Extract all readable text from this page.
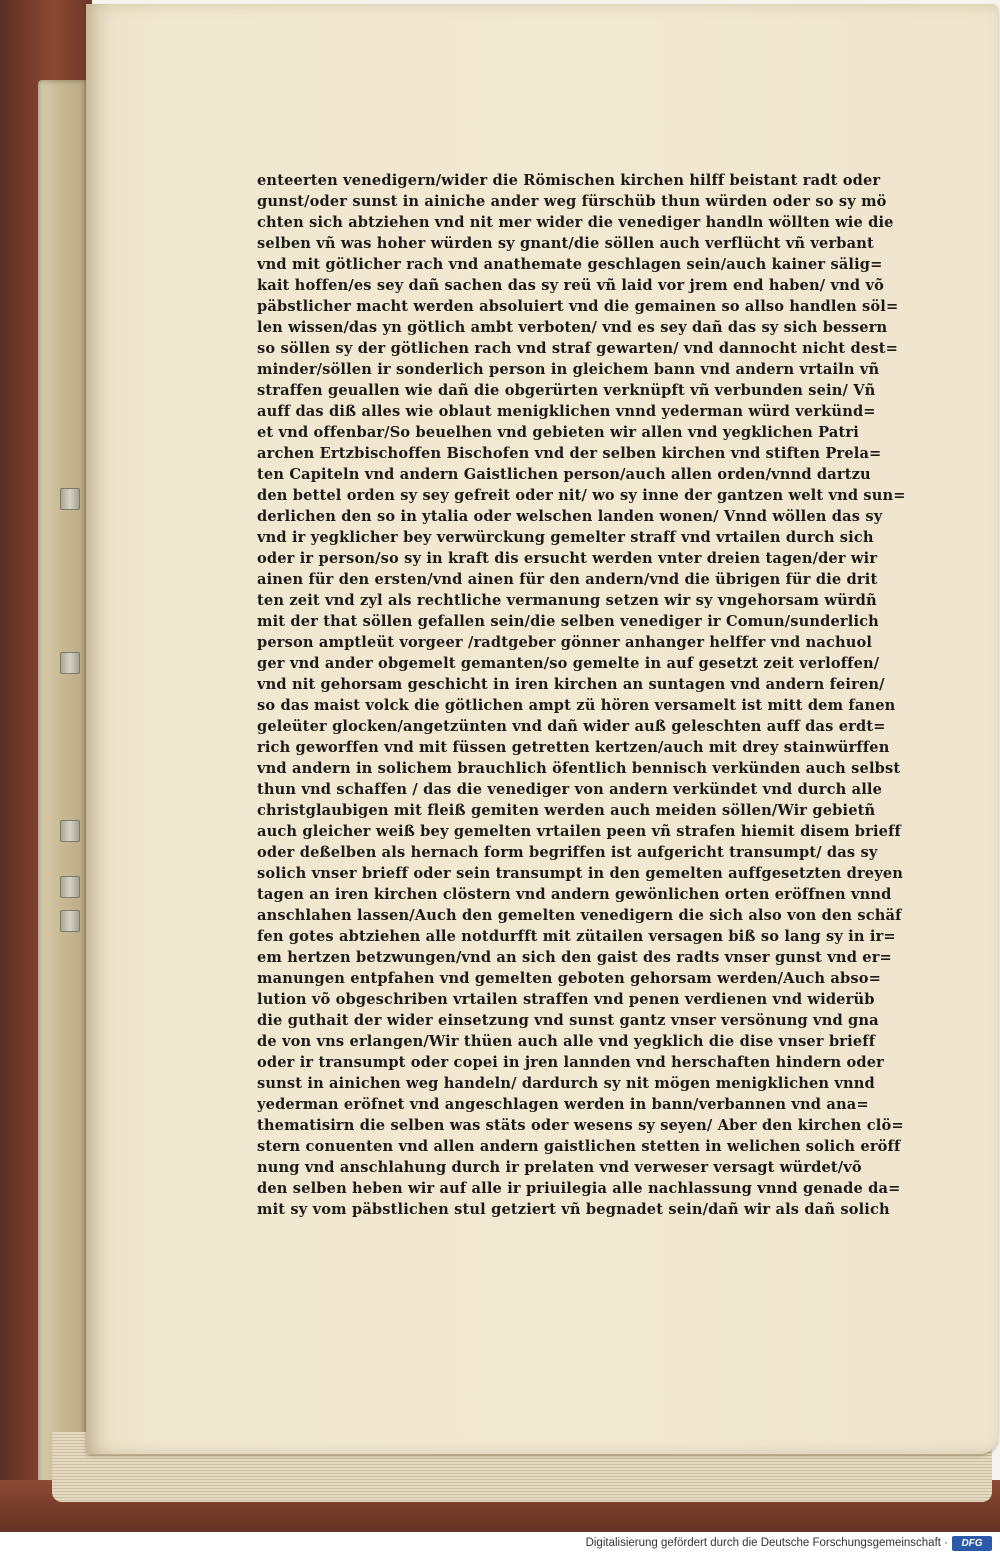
enteerten venedigern/wider die Römischen kirchen hilff beistant radt oder
gunst/oder sunst in ainiche ander weg fürschüb thun würden oder so sy mö
chten sich abtziehen vnd nit mer wider die venediger handln wöllten wie die
selben vñ was hoher würden sy gnant/die söllen auch verflücht vñ verbant
vnd mit götlicher rach vnd anathemate geschlagen sein/auch kainer sälig=
kait hoffen/es sey dañ sachen das sy reü vñ laid vor jrem end haben/ vnd võ
päbstlicher macht werden absoluiert vnd die gemainen so allso handlen söl=
len wissen/das yn götlich ambt verboten/ vnd es sey dañ das sy sich bessern
so söllen sy der götlichen rach vnd straf gewarten/ vnd dannocht nicht dest=
minder/söllen ir sonderlich person in gleichem bann vnd andern vrtailn vñ
straffen geuallen wie dañ die obgerürten verknüpft vñ verbunden sein/ Vñ
auff das diß alles wie oblaut menigklichen vnnd yederman würd verkünd=
et vnd offenbar/So beuelhen vnd gebieten wir allen vnd yegklichen Patri
archen Ertzbischoffen Bischofen vnd der selben kirchen vnd stiften Prela=
ten Capiteln vnd andern Gaistlichen person/auch allen orden/vnnd dartzu
den bettel orden sy sey gefreit oder nit/ wo sy inne der gantzen welt vnd sun=
derlichen den so in ytalia oder welschen landen wonen/ Vnnd wöllen das sy
vnd ir yegklicher bey verwürckung gemelter straff vnd vrtailen durch sich
oder ir person/so sy in kraft dis ersucht werden vnter dreien tagen/der wir
ainen für den ersten/vnd ainen für den andern/vnd die übrigen für die drit
ten zeit vnd zyl als rechtliche vermanung setzen wir sy vngehorsam würdñ
mit der that söllen gefallen sein/die selben venediger ir Comun/sunderlich
person amptleüt vorgeer /radtgeber gönner anhanger helffer vnd nachuol
ger vnd ander obgemelt gemanten/so gemelte in auf gesetzt zeit verloffen/
vnd nit gehorsam geschicht in iren kirchen an suntagen vnd andern feiren/
so das maist volck die götlichen ampt zü hören versamelt ist mitt dem fanen
geleüter glocken/angetzünten vnd dañ wider auß geleschten auff das erdt=
rich geworffen vnd mit füssen getretten kertzen/auch mit drey stainwürffen
vnd andern in solichem brauchlich öfentlich bennisch verkünden auch selbst
thun vnd schaffen / das die venediger von andern verkündet vnd durch alle
christglaubigen mit fleiß gemiten werden auch meiden söllen/Wir gebietñ
auch gleicher weiß bey gemelten vrtailen peen vñ strafen hiemit disem brieff
oder deßelben als hernach form begriffen ist aufgericht transumpt/ das sy
solich vnser brieff oder sein transumpt in den gemelten auffgesetzten dreyen
tagen an iren kirchen clöstern vnd andern gewönlichen orten eröffnen vnnd
anschlahen lassen/Auch den gemelten venedigern die sich also von den schäf
fen gotes abtziehen alle notdurfft mit zütailen versagen biß so lang sy in ir=
em hertzen betzwungen/vnd an sich den gaist des radts vnser gunst vnd er=
manungen entpfahen vnd gemelten geboten gehorsam werden/Auch abso=
lution võ obgeschriben vrtailen straffen vnd penen verdienen vnd widerüb
die guthait der wider einsetzung vnd sunst gantz vnser versönung vnd gna
de von vns erlangen/Wir thüen auch alle vnd yegklich die dise vnser brieff
oder ir transumpt oder copei in jren lannden vnd herschaften hindern oder
sunst in ainichen weg handeln/ dardurch sy nit mögen menigklichen vnnd
yederman eröfnet vnd angeschlagen werden in bann/verbannen vnd ana=
thematisirn die selben was stäts oder wesens sy seyen/ Aber den kirchen clö=
stern conuenten vnd allen andern gaistlichen stetten in welichen solich eröff
nung vnd anschlahung durch ir prelaten vnd verweser versagt würdet/võ
den selben heben wir auf alle ir priuilegia alle nachlassung vnnd genade da=
mit sy vom päbstlichen stul getziert vñ begnadet sein/dañ wir als dañ solich
Digitalisierung gefördert durch die Deutsche Forschungsgemeinschaft ·	DFG
